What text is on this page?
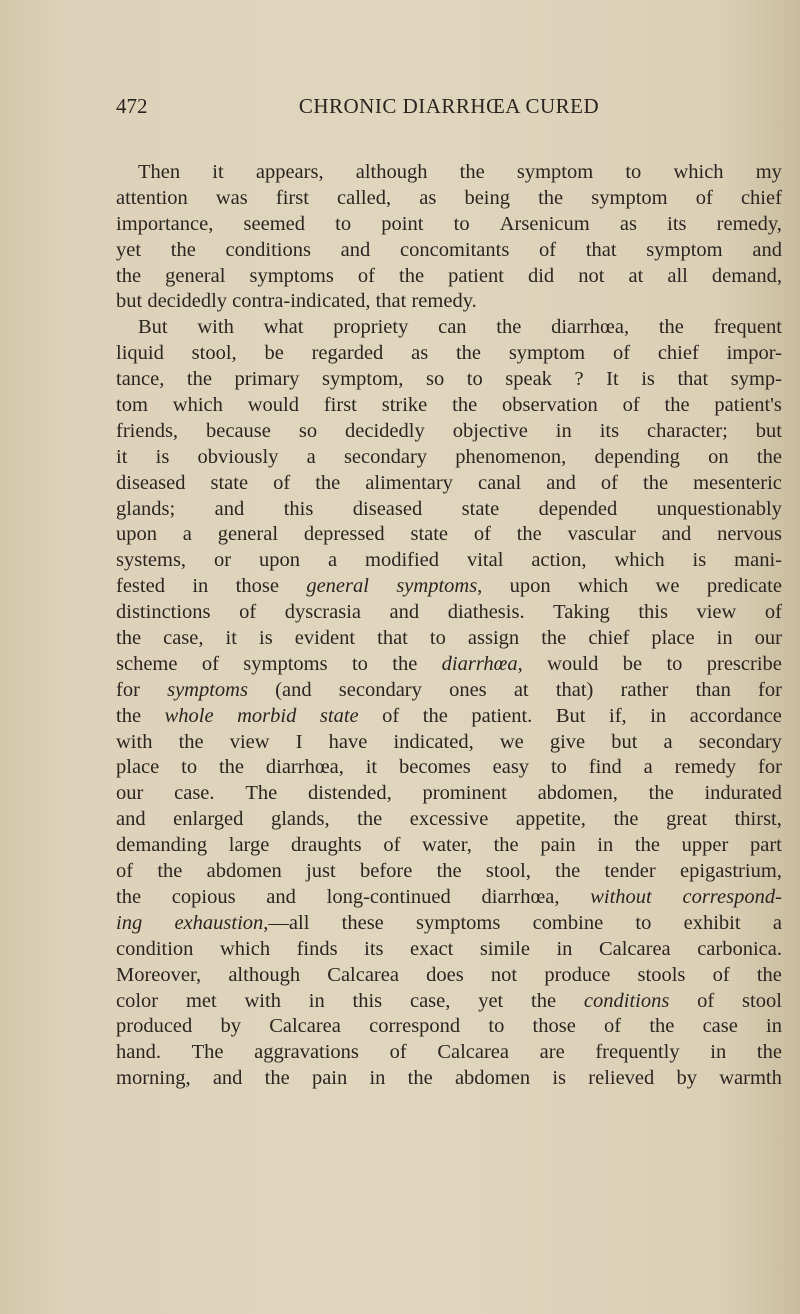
472	CHRONIC DIARRHŒA CURED
Then it appears, although the symptom to which my
attention was first called, as being the symptom of chief
importance, seemed to point to Arsenicum as its remedy,
yet the conditions and concomitants of that symptom and
the general symptoms of the patient did not at all demand,
but decidedly contra-indicated, that remedy.
But with what propriety can the diarrhœa, the frequent
liquid stool, be regarded as the symptom of chief impor-
tance, the primary symptom, so to speak ? It is that symp-
tom which would first strike the observation of the patient's
friends, because so decidedly objective in its character; but
it is obviously a secondary phenomenon, depending on the
diseased state of the alimentary canal and of the mesenteric
glands; and this diseased state depended unquestionably
upon a general depressed state of the vascular and nervous
systems, or upon a modified vital action, which is mani-
fested in those general symptoms, upon which we predicate
distinctions of dyscrasia and diathesis. Taking this view of
the case, it is evident that to assign the chief place in our
scheme of symptoms to the diarrhœa, would be to prescribe
for symptoms (and secondary ones at that) rather than for
the whole morbid state of the patient. But if, in accordance
with the view I have indicated, we give but a secondary
place to the diarrhœa, it becomes easy to find a remedy for
our case. The distended, prominent abdomen, the indurated
and enlarged glands, the excessive appetite, the great thirst,
demanding large draughts of water, the pain in the upper part
of the abdomen just before the stool, the tender epigastrium,
the copious and long-continued diarrhœa, without correspond-
ing exhaustion,—all these symptoms combine to exhibit a
condition which finds its exact simile in Calcarea carbonica.
Moreover, although Calcarea does not produce stools of the
color met with in this case, yet the conditions of stool
produced by Calcarea correspond to those of the case in
hand. The aggravations of Calcarea are frequently in the
morning, and the pain in the abdomen is relieved by warmth
